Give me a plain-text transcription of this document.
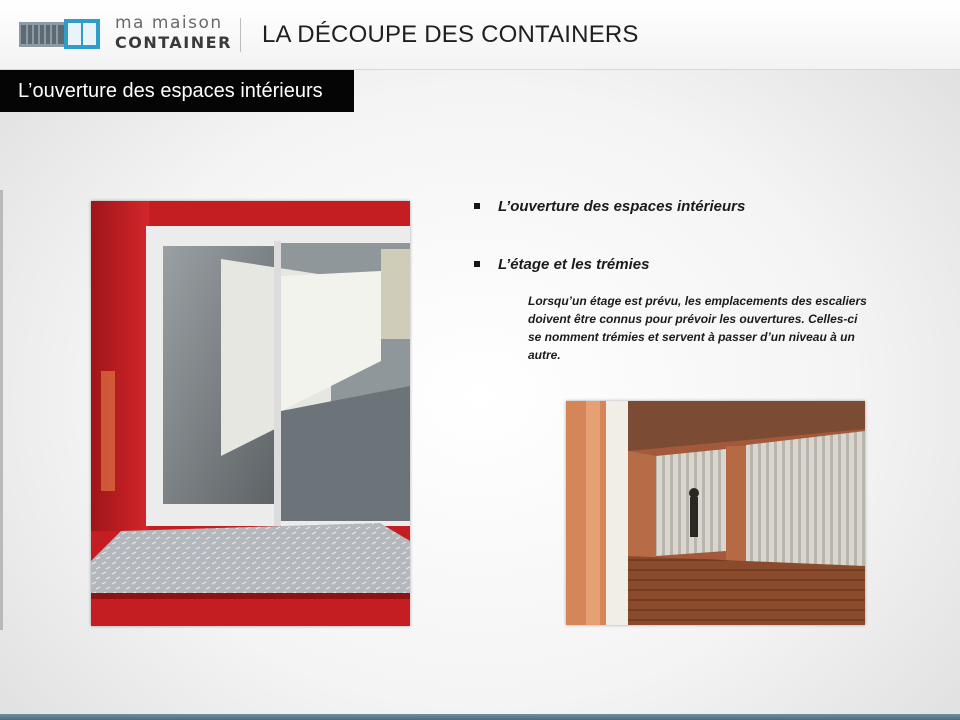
ma maison
CONTAINER LA DÉCOUPE DES CONTAINERS
L’ouverture des espaces intérieurs
L’ouverture des espaces intérieurs
L’étage et les trémies
Lorsqu’un étage est prévu, les emplacements des escaliers doivent être connus pour prévoir les ouvertures. Celles-ci se nomment trémies et servent à passer d’un niveau à un autre.
